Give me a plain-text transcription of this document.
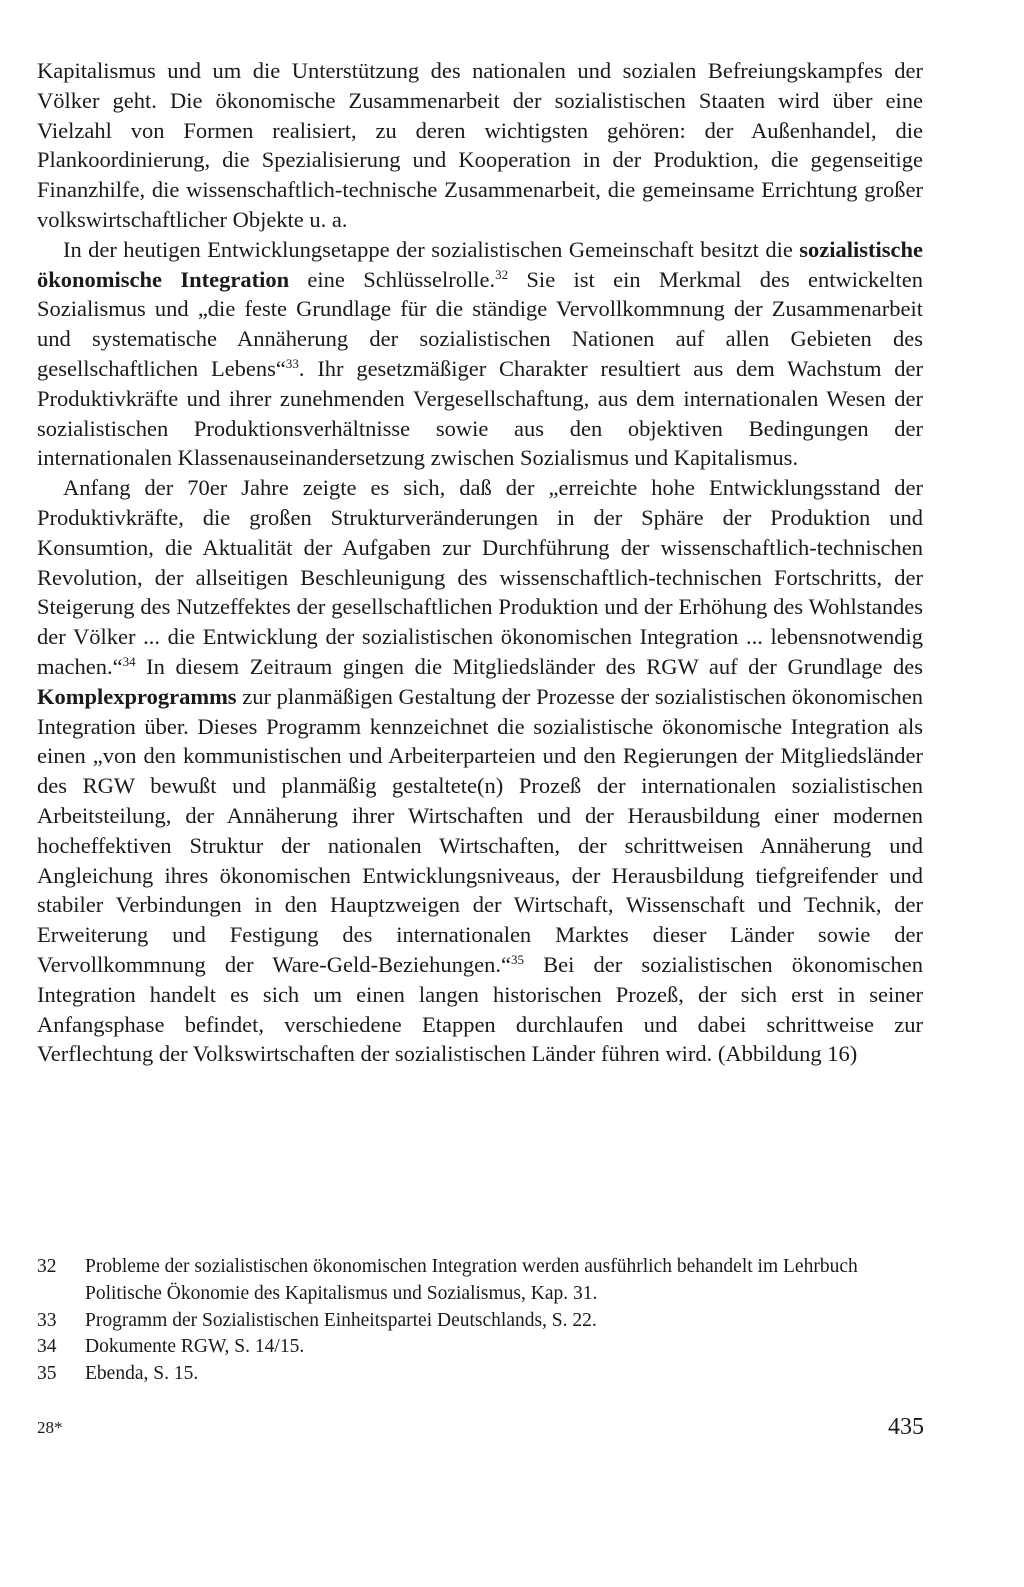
Kapitalismus und um die Unterstützung des nationalen und sozialen Befreiungskampfes der Völker geht. Die ökonomische Zusammenarbeit der sozialistischen Staaten wird über eine Vielzahl von Formen realisiert, zu deren wichtigsten gehören: der Außenhandel, die Plankoordinierung, die Spezialisierung und Kooperation in der Produktion, die gegenseitige Finanzhilfe, die wissenschaftlich-technische Zusammenarbeit, die gemeinsame Errichtung großer volkswirtschaftlicher Objekte u. a.

In der heutigen Entwicklungsetappe der sozialistischen Gemeinschaft besitzt die sozialistische ökonomische Integration eine Schlüsselrolle.$^{32}$ Sie ist ein Merkmal des entwickelten Sozialismus und „die feste Grundlage für die ständige Vervollkommnung der Zusammenarbeit und systematische Annäherung der sozialistischen Nationen auf allen Gebieten des gesellschaftlichen Lebens“$^{33}$. Ihr gesetzmäßiger Charakter resultiert aus dem Wachstum der Produktivkräfte und ihrer zunehmenden Vergesellschaftung, aus dem internationalen Wesen der sozialistischen Produktionsverhältnisse sowie aus den objektiven Bedingungen der internationalen Klassenauseinandersetzung zwischen Sozialismus und Kapitalismus.

Anfang der 70er Jahre zeigte es sich, daß der „erreichte hohe Entwicklungsstand der Produktivkräfte, die großen Strukturveränderungen in der Sphäre der Produktion und Konsumtion, die Aktualität der Aufgaben zur Durchführung der wissenschaftlich-technischen Revolution, der allseitigen Beschleunigung des wissenschaftlich-technischen Fortschritts, der Steigerung des Nutzeffektes der gesellschaftlichen Produktion und der Erhöhung des Wohlstandes der Völker ... die Entwicklung der sozialistischen ökonomischen Integration ... lebensnotwendig machen.“$^{34}$ In diesem Zeitraum gingen die Mitgliedsländer des RGW auf der Grundlage des Komplexprogramms zur planmäßigen Gestaltung der Prozesse der sozialistischen ökonomischen Integration über. Dieses Programm kennzeichnet die sozialistische ökonomische Integration als einen „von den kommunistischen und Arbeiterparteien und den Regierungen der Mitgliedsländer des RGW bewußt und planmäßig gestaltete(n) Prozeß der internationalen sozialistischen Arbeitsteilung, der Annäherung ihrer Wirtschaften und der Herausbildung einer modernen hocheffektiven Struktur der nationalen Wirtschaften, der schrittweisen Annäherung und Angleichung ihres ökonomischen Entwicklungsniveaus, der Herausbildung tiefgreifender und stabiler Verbindungen in den Hauptzweigen der Wirtschaft, Wissenschaft und Technik, der Erweiterung und Festigung des internationalen Marktes dieser Länder sowie der Vervollkommnung der Ware-Geld-Beziehungen.“$^{35}$ Bei der sozialistischen ökonomischen Integration handelt es sich um einen langen historischen Prozeß, der sich erst in seiner Anfangsphase befindet, verschiedene Etappen durchlaufen und dabei schrittweise zur Verflechtung der Volkswirtschaften der sozialistischen Länder führen wird. (Abbildung 16)

32	Probleme der sozialistischen ökonomischen Integration werden ausführlich behandelt im Lehrbuch Politische Ökonomie des Kapitalismus und Sozialismus, Kap. 31.
33	Programm der Sozialistischen Einheitspartei Deutschlands, S. 22.
34	Dokumente RGW, S. 14/15.
35	Ebenda, S. 15.
28*	435
